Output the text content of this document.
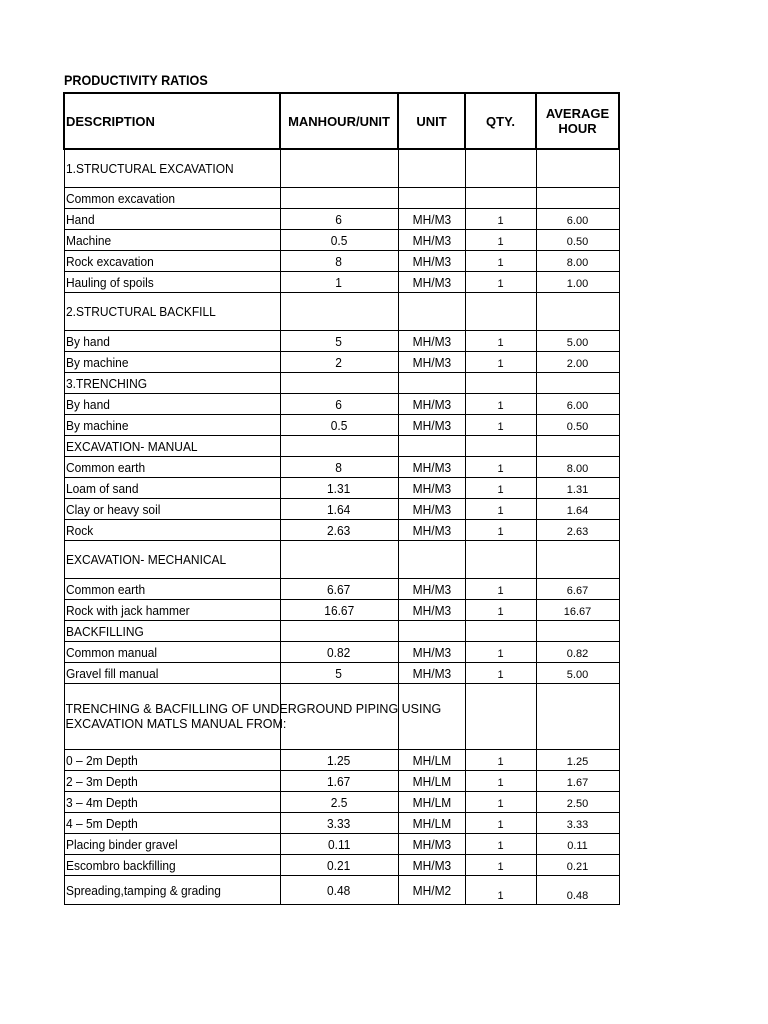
PRODUCTIVITY RATIOS
DESCRIPTION	MANHOUR/UNIT	UNIT	QTY.	AVERAGE
HOUR

1.STRUCTURAL EXCAVATION				
Common excavation				
Hand	6	MH/M3	1	6.00
Machine	0.5	MH/M3	1	0.50
Rock excavation	8	MH/M3	1	8.00
Hauling of spoils	1	MH/M3	1	1.00
2.STRUCTURAL BACKFILL				
By hand	5	MH/M3	1	5.00
By machine	2	MH/M3	1	2.00
3.TRENCHING				
By hand	6	MH/M3	1	6.00
By machine	0.5	MH/M3	1	0.50
EXCAVATION- MANUAL				
Common earth	8	MH/M3	1	8.00
Loam of sand	1.31	MH/M3	1	1.31
Clay or heavy soil	1.64	MH/M3	1	1.64
Rock	2.63	MH/M3	1	2.63
EXCAVATION- MECHANICAL				
Common earth	6.67	MH/M3	1	6.67
Rock with jack hammer	16.67	MH/M3	1	16.67
BACKFILLING				
Common manual	0.82	MH/M3	1	0.82
Gravel fill manual	5	MH/M3	1	5.00

TRENCHING & BACFILLING OF UNDERGROUND PIPING USING EXCAVATION MATLS MANUAL FROM:				

0 – 2m Depth	1.25	MH/LM	1	1.25
2 – 3m Depth	1.67	MH/LM	1	1.67
3 – 4m Depth	2.5	MH/LM	1	2.50
4 – 5m Depth	3.33	MH/LM	1	3.33
Placing binder gravel	0.11	MH/M3	1	0.11
Escombro backfilling	0.21	MH/M3	1	0.21
Spreading,tamping & grading	0.48	MH/M2	1	0.48
